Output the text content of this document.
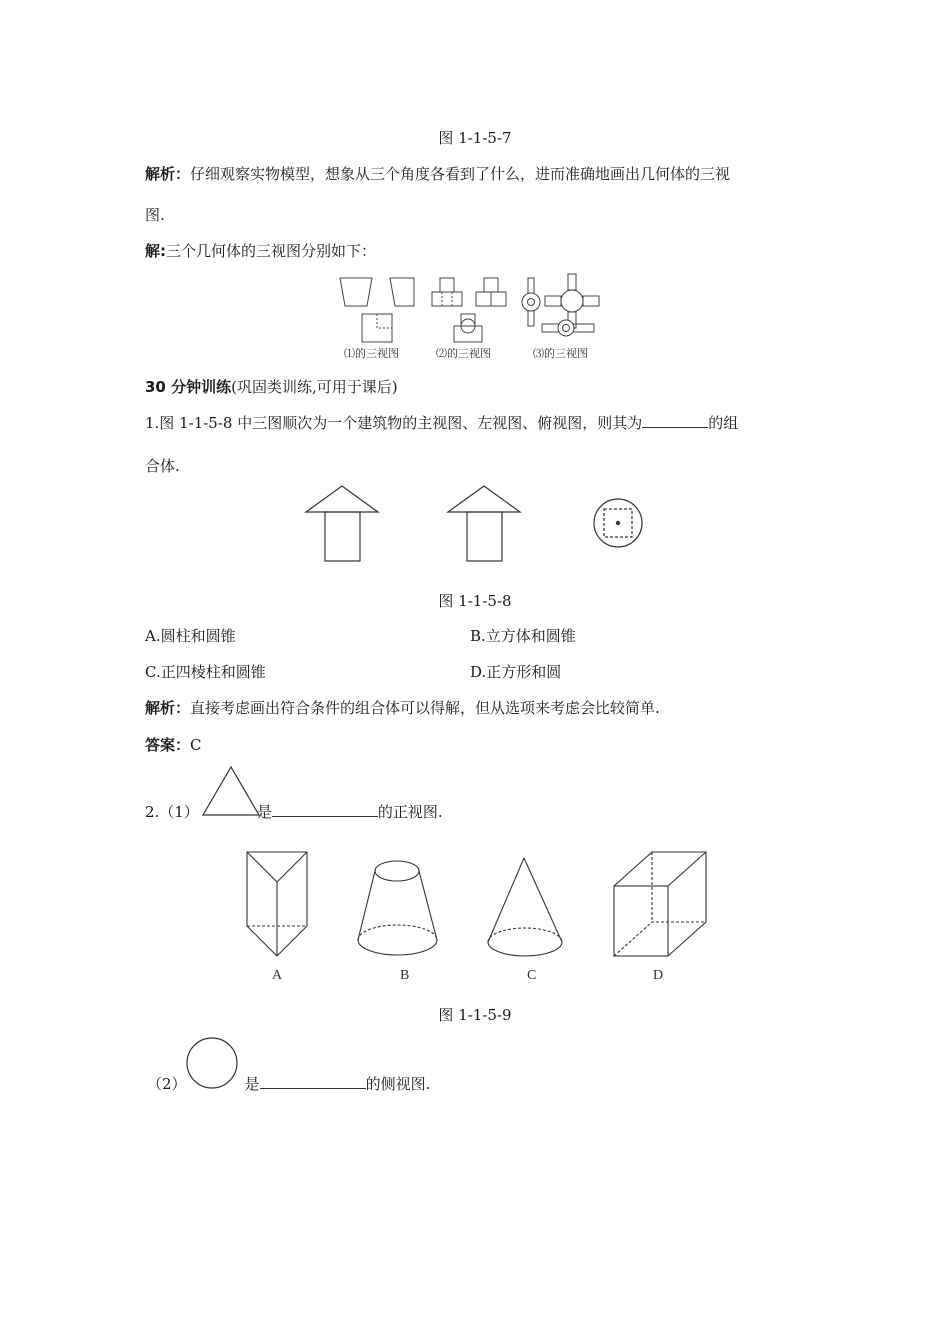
图 1-1-5-7
解析：仔细观察实物模型，想象从三个角度各看到了什么，进而准确地画出几何体的三视
图.
解:三个几何体的三视图分别如下：
⑴的三视图	⑵的三视图	⑶的三视图
30 分钟训练(巩固类训练,可用于课后)
1.图 1-1-5-8 中三图顺次为一个建筑物的主视图、左视图、俯视图，则其为	的组
合体.
图 1-1-5-8
A.圆柱和圆锥	B.立方体和圆锥
C.正四棱柱和圆锥	D.正方形和圆
解析：直接考虑画出符合条件的组合体可以得解，但从选项来考虑会比较简单.
答案：C
2.（1）	是	的正视图.
A	B	C	D
图 1-1-5-9
（2）	是	的侧视图.
